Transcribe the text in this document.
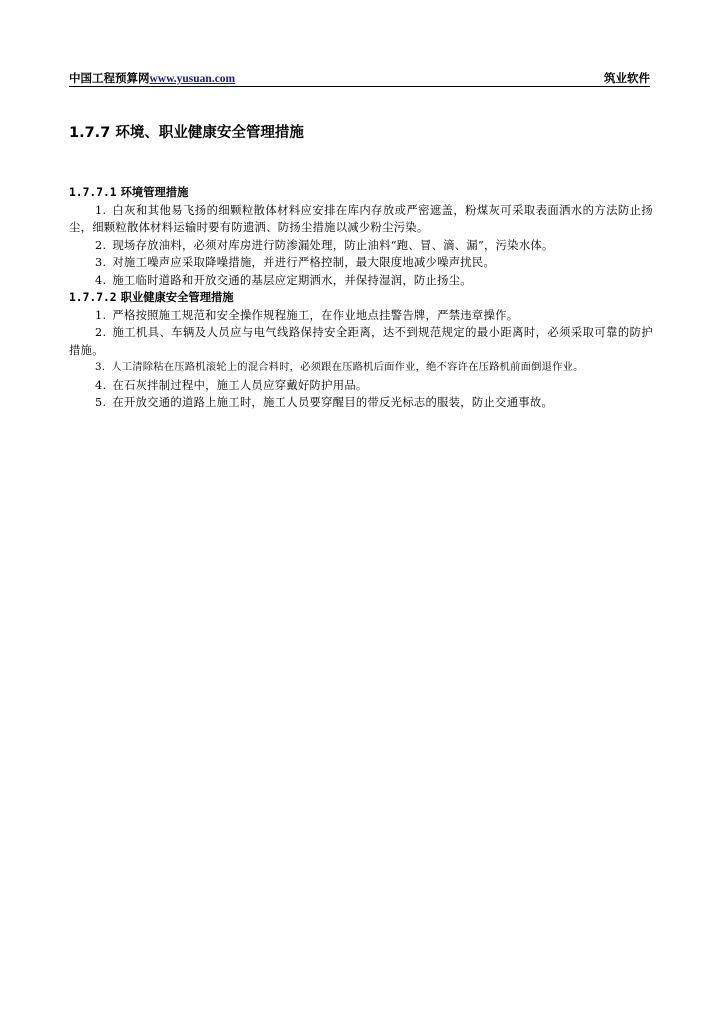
中国工程预算网www.yusuan.com	筑业软件
1.7.7 环境、职业健康安全管理措施
1.7.7.1 环境管理措施
1. 白灰和其他易飞扬的细颗粒散体材料应安排在库内存放或严密遮盖，粉煤灰可采取表面洒水的方法防止扬尘，细颗粒散体材料运输时要有防遗洒、防扬尘措施以减少粉尘污染。
2. 现场存放油料，必须对库房进行防渗漏处理，防止油料“跑、冒、滴、漏”，污染水体。
3. 对施工噪声应采取降噪措施，并进行严格控制，最大限度地减少噪声扰民。
4. 施工临时道路和开放交通的基层应定期洒水，并保持湿润，防止扬尘。
1.7.7.2 职业健康安全管理措施
1. 严格按照施工规范和安全操作规程施工，在作业地点挂警告牌，严禁违章操作。
2. 施工机具、车辆及人员应与电气线路保持安全距离，达不到规范规定的最小距离时，必须采取可靠的防护措施。
3. 人工清除粘在压路机滚轮上的混合料时，必须跟在压路机后面作业，绝不容许在压路机前面倒退作业。
4. 在石灰拌制过程中，施工人员应穿戴好防护用品。
5. 在开放交通的道路上施工时，施工人员要穿醒目的带反光标志的服装，防止交通事故。
